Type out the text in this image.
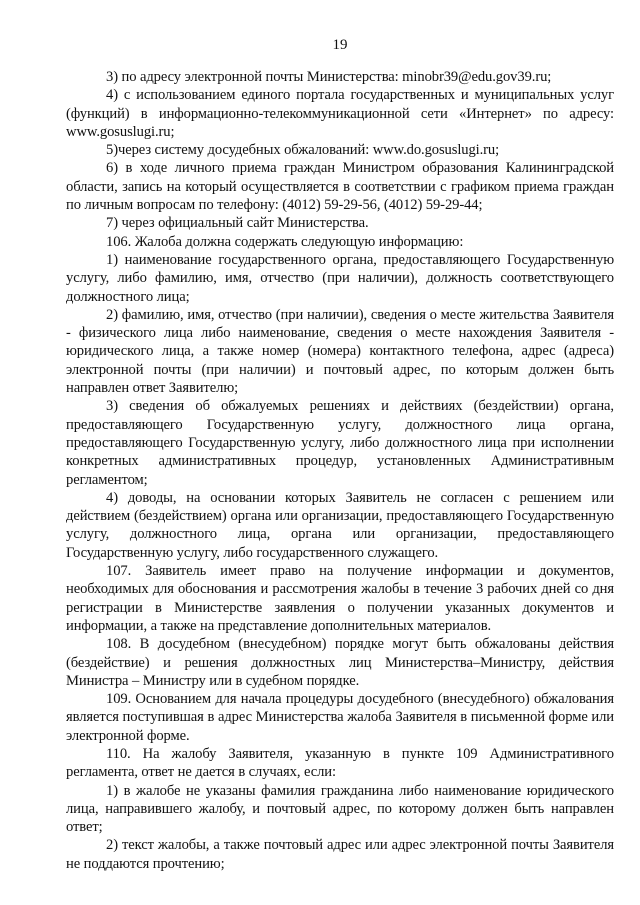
19

3) по адресу электронной почты Министерства: minobr39@edu.gov39.ru;

4) с использованием единого портала государственных и муниципальных услуг (функций) в информационно-телекоммуникационной сети «Интернет» по адресу: www.gosuslugi.ru;

5)через систему досудебных обжалований: www.do.gosuslugi.ru;

6) в ходе личного приема граждан Министром образования Калининградской области, запись на который осуществляется в соответствии с графиком приема граждан по личным вопросам по телефону: (4012) 59-29-56, (4012) 59-29-44;

7) через официальный сайт Министерства.

106. Жалоба должна содержать следующую информацию:

1) наименование государственного органа, предоставляющего Государственную услугу, либо фамилию, имя, отчество (при наличии), должность соответствующего должностного лица;

2) фамилию, имя, отчество (при наличии), сведения о месте жительства Заявителя - физического лица либо наименование, сведения о месте нахождения Заявителя - юридического лица, а также номер (номера) контактного телефона, адрес (адреса) электронной почты (при наличии) и почтовый адрес, по которым должен быть направлен ответ Заявителю;

3) сведения об обжалуемых решениях и действиях (бездействии) органа, предоставляющего Государственную услугу, должностного лица органа, предоставляющего Государственную услугу, либо должностного лица при исполнении конкретных административных процедур, установленных Административным регламентом;

4) доводы, на основании которых Заявитель не согласен с решением или действием (бездействием) органа или организации, предоставляющего Государственную услугу, должностного лица, органа или организации, предоставляющего Государственную услугу, либо государственного служащего.

107. Заявитель имеет право на получение информации и документов, необходимых для обоснования и рассмотрения жалобы в течение 3 рабочих дней со дня регистрации в Министерстве заявления о получении указанных документов и информации, а также на представление дополнительных материалов.

108. В досудебном (внесудебном) порядке могут быть обжалованы действия (бездействие) и решения должностных лиц Министерства–Министру, действия Министра – Министру или в судебном порядке.

109. Основанием для начала процедуры досудебного (внесудебного) обжалования является поступившая в адрес Министерства жалоба Заявителя в письменной форме или электронной форме.

110. На жалобу Заявителя, указанную в пункте 109 Административного регламента, ответ не дается в случаях, если:

1) в жалобе не указаны фамилия гражданина либо наименование юридического лица, направившего жалобу, и почтовый адрес, по которому должен быть направлен ответ;

2) текст жалобы, а также почтовый адрес или адрес электронной почты Заявителя не поддаются прочтению;
